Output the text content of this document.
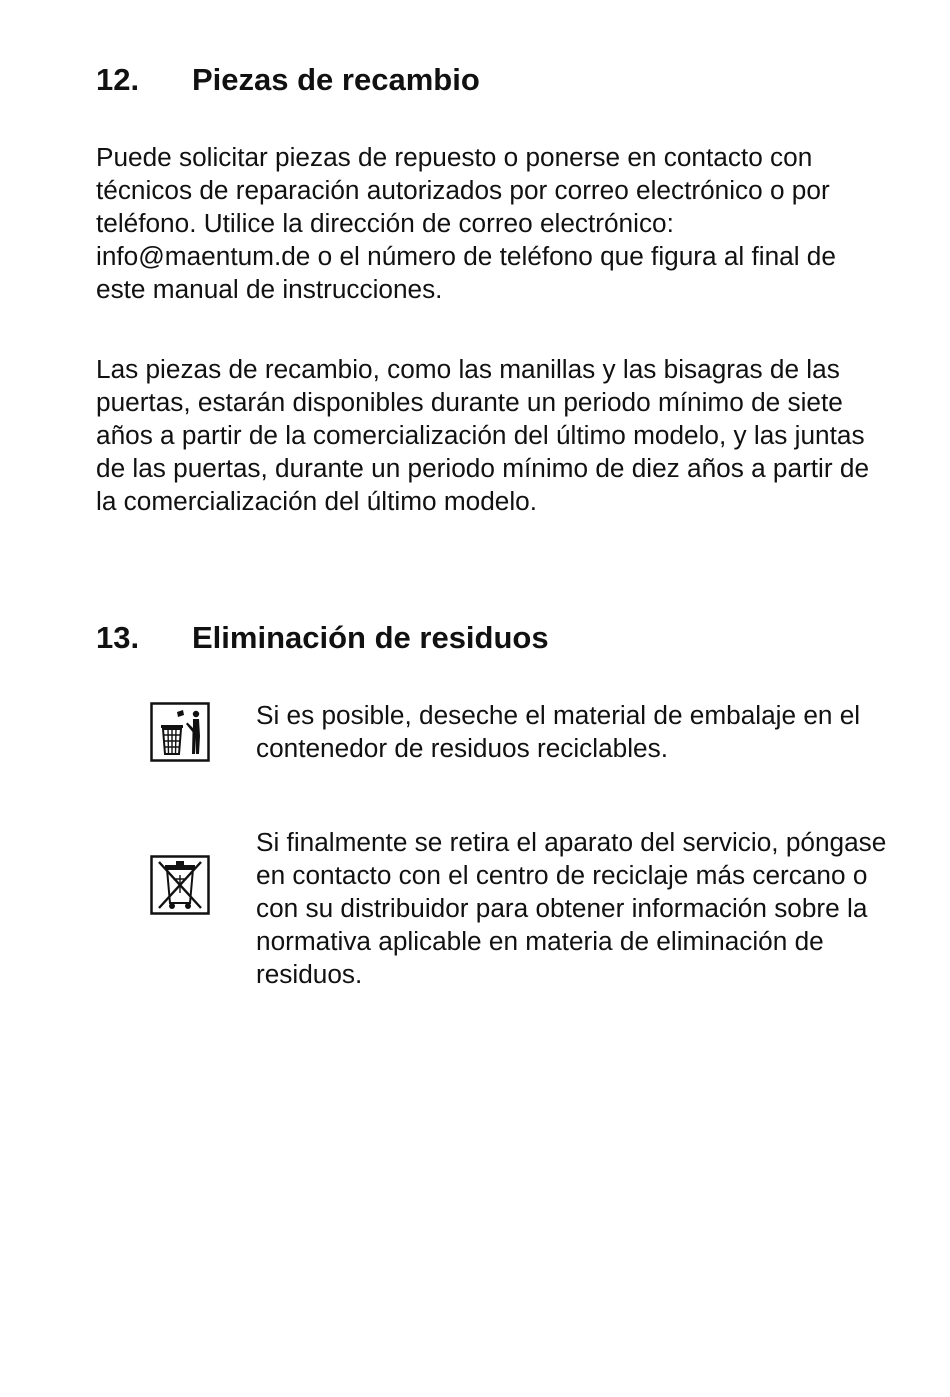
12. Piezas de recambio

Puede solicitar piezas de repuesto o ponerse en contacto con técnicos de reparación autorizados por correo electrónico o por teléfono. Utilice la dirección de correo electrónico: info@maentum.de o el número de teléfono que figura al final de este manual de instrucciones.

Las piezas de recambio, como las manillas y las bisagras de las puertas, estarán disponibles durante un periodo mínimo de siete años a partir de la comercialización del último modelo, y las juntas de las puertas, durante un periodo mínimo de diez años a partir de la comercialización del último modelo.

13. Eliminación de residuos

Si es posible, deseche el material de embalaje en el contenedor de residuos reciclables.

Si finalmente se retira el aparato del servicio, póngase en contacto con el centro de reciclaje más cercano o con su distribuidor para obtener información sobre la normativa aplicable en materia de eliminación de residuos.
